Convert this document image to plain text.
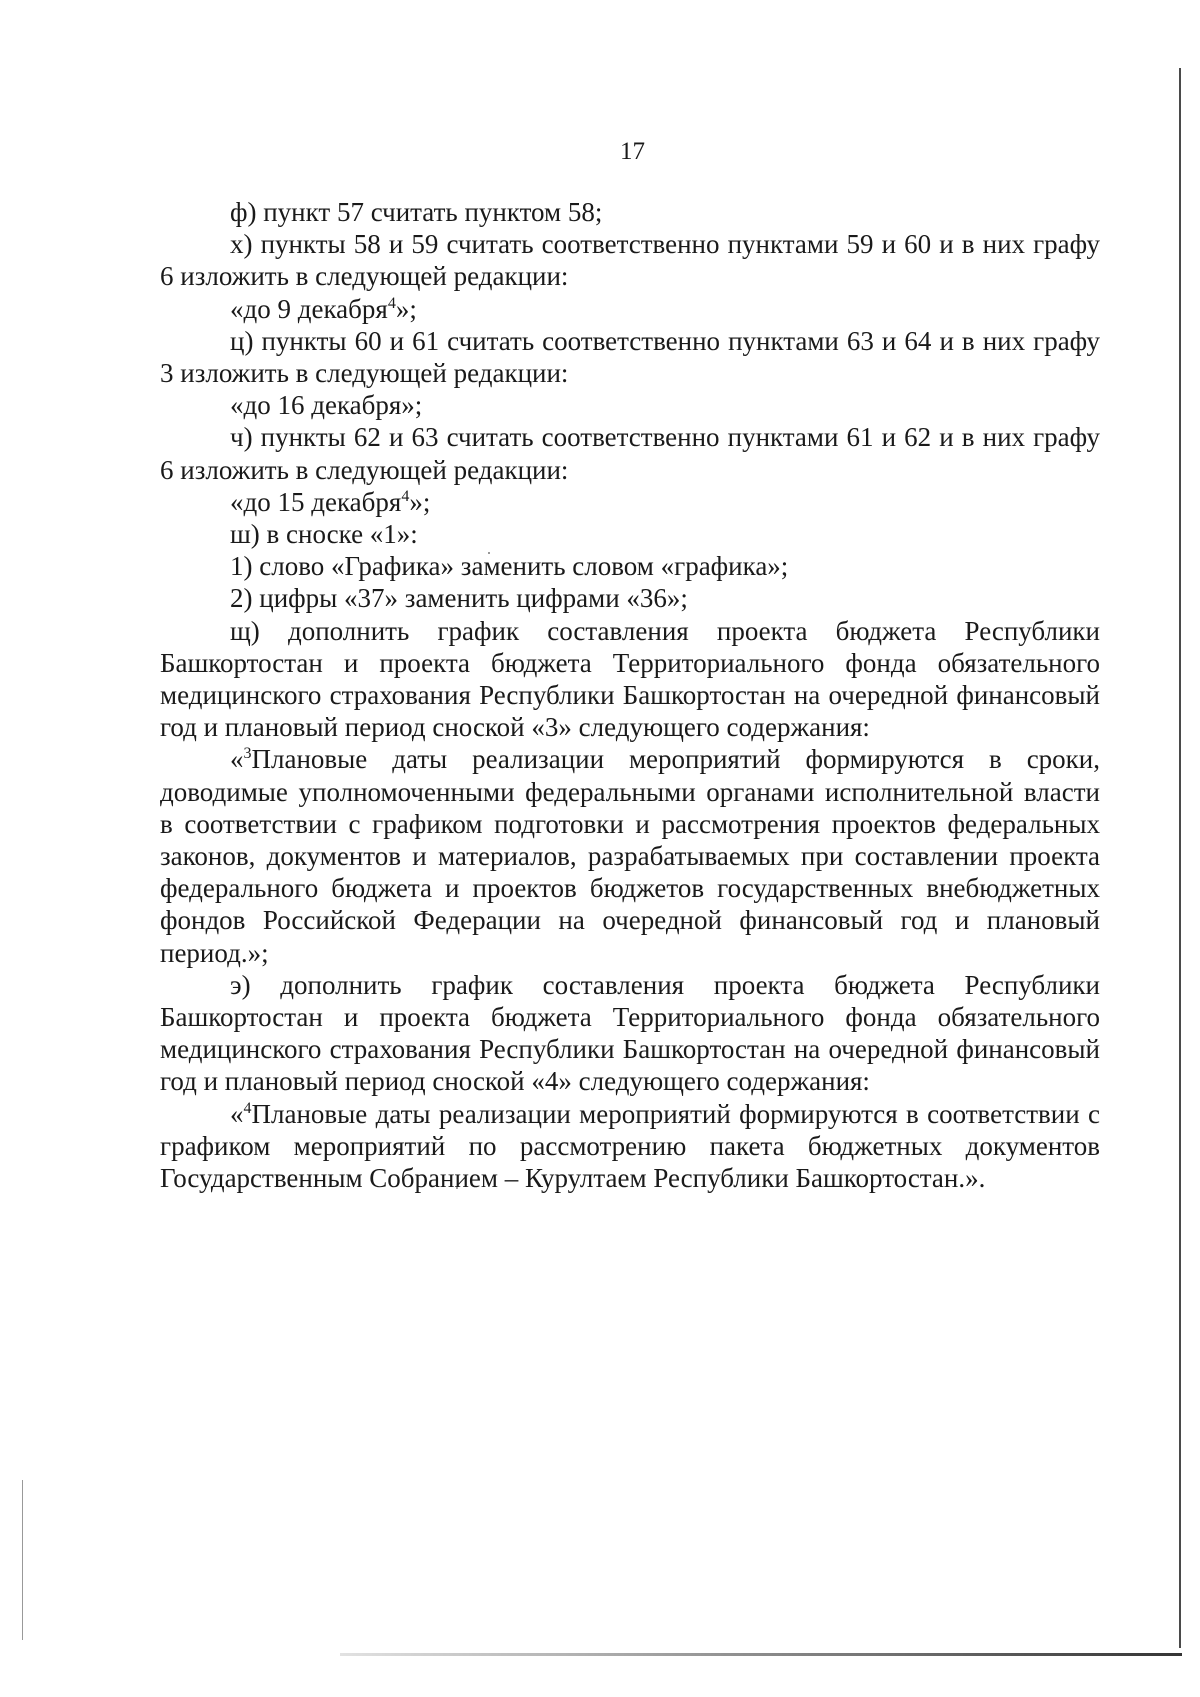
17

ф) пункт 57 считать пунктом 58;

х) пункты 58 и 59 считать соответственно пунктами 59 и 60 и в них графу 6 изложить в следующей редакции:

«до 9 декабря$^4$»;

ц) пункты 60 и 61 считать соответственно пунктами 63 и 64 и в них графу 3 изложить в следующей редакции:

«до 16 декабря»;

ч) пункты 62 и 63 считать соответственно пунктами 61 и 62 и в них графу 6 изложить в следующей редакции:

«до 15 декабря$^4$»;

ш) в сноске «1»:

1) слово «Графика» заменить словом «графика»;

2) цифры «37» заменить цифрами «36»;

щ) дополнить график составления проекта бюджета Республики Башкортостан и проекта бюджета Территориального фонда обязательного медицинского страхования Республики Башкортостан на очередной финансовый год и плановый период сноской «3» следующего содержания:

«$^3$Плановые даты реализации мероприятий формируются в сроки, доводимые уполномоченными федеральными органами исполнительной власти в соответствии с графиком подготовки и рассмотрения проектов федеральных законов, документов и материалов, разрабатываемых при составлении проекта федерального бюджета и проектов бюджетов государственных внебюджетных фондов Российской Федерации на очередной финансовый год и плановый период.»;

э) дополнить график составления проекта бюджета Республики Башкортостан и проекта бюджета Территориального фонда обязательного медицинского страхования Республики Башкортостан на очередной финансовый год и плановый период сноской «4» следующего содержания:

«$^4$Плановые даты реализации мероприятий формируются в соответствии с графиком мероприятий по рассмотрению пакета бюджетных документов Государственным Собранием – Курултаем Республики Башкортостан.».
